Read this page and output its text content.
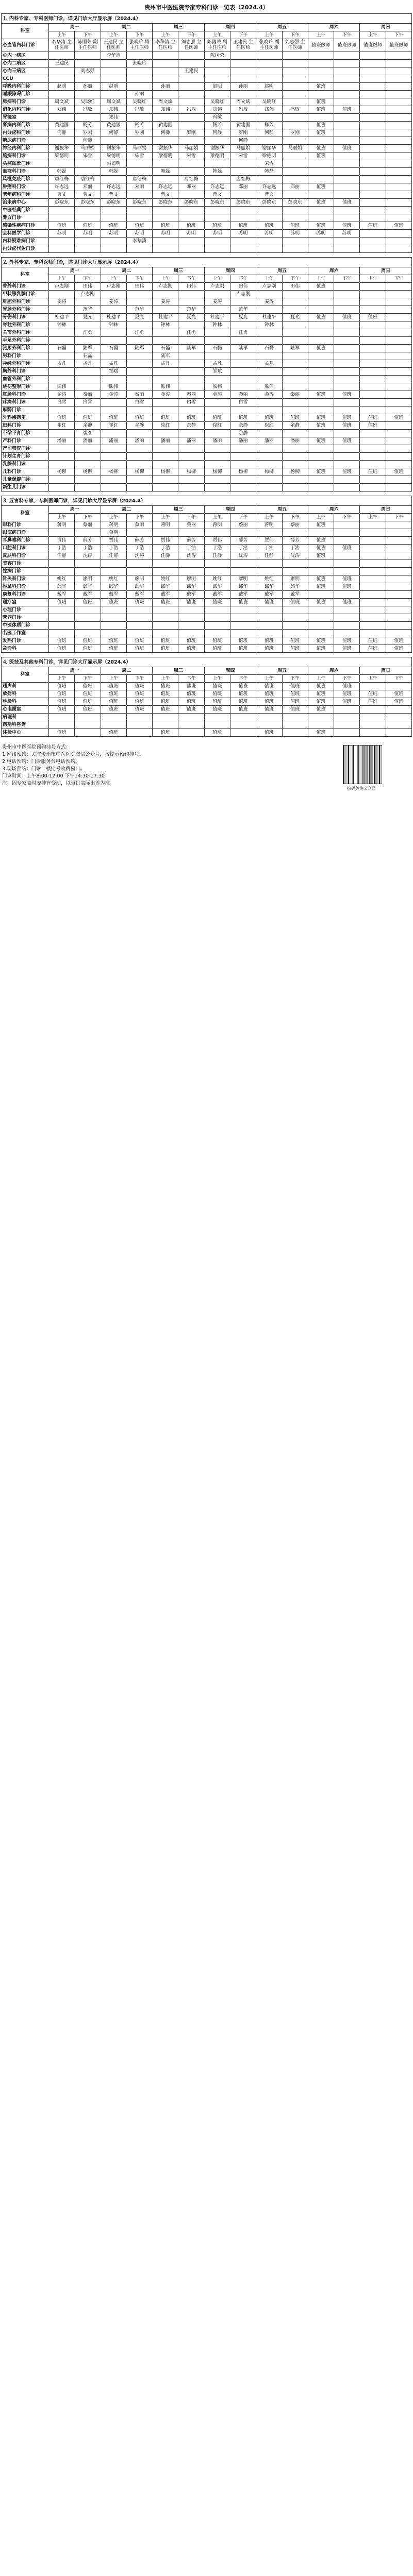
贵州市中医医院专家专科门诊一览表（2024.4）
⒈ 内科专家、专科医师门诊，详见门诊大厅显示屏（2024.4）														
科室	周一		周二		周三		周四		周五		周六		周日	
	上午	下午	上午	下午	上午	下午	上午	下午	上午	下午	上午	下午	上午	下午
心血管内科门诊	李华清 主任医师	陈国荣 副主任医师	王建民 主任医师	张晓玲 副主任医师	李华清 主任医师	刘志强 主任医师	陈国荣 副主任医师	王建民 主任医师	张晓玲 副主任医师	刘志强 主任医师	值班医师	值班医师	值班医师	值班医师
心内一病区			李华清				陈国荣							
心内二病区	王建民			张晓玲										
心内三病区		刘志强				王建民								
CCU														
呼吸内科门诊	赵明	孙丽	赵明		孙丽		赵明	孙丽	赵明		值班			
睡眠障碍门诊				孙丽										
肺病科门诊	周文斌	吴晓红	周文斌	吴晓红	周文斌		吴晓红	周文斌	吴晓红		值班			
消化内科门诊	郑伟	冯敏	郑伟	冯敏	郑伟	冯敏	郑伟	冯敏	郑伟	冯敏	值班	值班		
胃镜室			郑伟				冯敏							
肾病内科门诊	黄建国	杨芳	黄建国	杨芳	黄建国		杨芳	黄建国	杨芳		值班			
内分泌科门诊	何静	罗刚	何静	罗刚	何静	罗刚	何静	罗刚	何静	罗刚	值班			
糖尿病门诊		何静						何静						
神经内科门诊	谢振华	马丽娟	谢振华	马丽娟	谢振华	马丽娟	谢振华	马丽娟	谢振华	马丽娟	值班	值班		
脑病科门诊	梁德明	宋雪	梁德明	宋雪	梁德明	宋雪	梁德明	宋雪	梁德明		值班			
头痛眩晕门诊			梁德明						宋雪					
血液科门诊	韩磊		韩磊		韩磊		韩磊		韩磊					
风湿免疫门诊	唐红梅	唐红梅		唐红梅		唐红梅		唐红梅						
肿瘤科门诊	许志远	邓丽	许志远	邓丽	许志远	邓丽	许志远	邓丽	许志远	邓丽	值班			
老年病科门诊	曹文	曹文	曹文		曹文		曹文		曹文					
治未病中心	彭晓东	彭晓东	彭晓东	彭晓东	彭晓东	彭晓东	彭晓东	彭晓东	彭晓东	彭晓东	值班	值班		
中医经典门诊														
膏方门诊														
感染性疾病门诊	值班	值班	值班	值班	值班	值班	值班	值班	值班	值班	值班	值班	值班	值班
全科医学门诊	苏明	苏明	苏明	苏明	苏明	苏明	苏明	苏明	苏明	苏明	苏明	苏明		
内科疑难病门诊				李华清										
内分泌代谢门诊														
⒉ 外科专家、专科医师门诊，详见门诊大厅显示屏（2024.4）														
科室	周一		周二		周三		周四		周五		周六		周日	
	上午	下午	上午	下午	上午	下午	上午	下午	上午	下午	上午	下午	上午	下午
普外科门诊	卢志刚	田伟	卢志刚	田伟	卢志刚	田伟	卢志刚	田伟	卢志刚	田伟	值班			
甲状腺乳腺门诊		卢志刚						卢志刚						
肝胆外科门诊	姜涛		姜涛		姜涛		姜涛		姜涛					
胃肠外科门诊		范华		范华		范华		范华						
骨伤科门诊	杜建平	夏光	杜建平	夏光	杜建平	夏光	杜建平	夏光	杜建平	夏光	值班	值班	值班	
脊柱外科门诊	钟林		钟林		钟林		钟林		钟林					
关节外科门诊		汪勇		汪勇		汪勇		汪勇						
手足外科门诊														
泌尿外科门诊	石磊	陆军	石磊	陆军	石磊	陆军	石磊	陆军	石磊	陆军	值班			
男科门诊		石磊			陆军									
神经外科门诊	孟凡	孟凡	孟凡		孟凡		孟凡		孟凡					
胸外科门诊			邹斌				邹斌							
血管外科门诊														
烧伤整形门诊	熊伟		熊伟		熊伟		熊伟		熊伟					
肛肠科门诊	金涛	秦丽	金涛	秦丽	金涛	秦丽	金涛	秦丽	金涛	秦丽	值班	值班		
疼痛科门诊	白雪	白雪		白雪		白雪		白雪						
麻醉门诊														
外科换药室	值班	值班	值班	值班	值班	值班	值班	值班	值班	值班	值班	值班	值班	值班
妇科门诊	崔红	余静	崔红	余静	崔红	余静	崔红	余静	崔红	余静	值班	值班	值班	
不孕不育门诊		崔红						余静						
产科门诊	潘丽	潘丽	潘丽	潘丽	潘丽	潘丽	潘丽	潘丽	潘丽	潘丽	值班	值班		
产前筛查门诊														
计划生育门诊														
乳腺科门诊														
儿科门诊	杨柳	杨柳	杨柳	杨柳	杨柳	杨柳	杨柳	杨柳	杨柳	杨柳	值班	值班	值班	值班
儿童保健门诊														
新生儿门诊														
⒊ 五官科专家、专科医师门诊，详见门诊大厅显示屏（2024.4）														
科室	周一		周二		周三		周四		周五		周六		周日	
	上午	下午	上午	下午	上午	下午	上午	下午	上午	下午	上午	下午	上午	下午
眼科门诊	蒋明	蔡丽	蒋明	蔡丽	蒋明	蔡丽	蒋明	蔡丽	蒋明	蔡丽	值班			
眼底病门诊			蒋明											
耳鼻喉科门诊	贾伟	薛芳	贾伟	薛芳	贾伟	薛芳	贾伟	薛芳	贾伟	薛芳	值班			
口腔科门诊	丁浩	丁浩	丁浩	丁浩	丁浩	丁浩	丁浩	丁浩	丁浩	丁浩	值班	值班		
皮肤科门诊	任静	沈涛	任静	沈涛	任静	沈涛	任静	沈涛	任静	沈涛	值班			
美容门诊														
性病门诊														
针灸科门诊	姚红	廖明	姚红	廖明	姚红	廖明	姚红	廖明	姚红	廖明	值班	值班		
推拿科门诊	邱华	邱华	邱华	邱华	邱华	邱华	邱华	邱华	邱华	邱华	值班	值班		
康复科门诊	戴军	戴军	戴军	戴军	戴军	戴军	戴军	戴军	戴军	戴军				
理疗室	值班	值班	值班	值班	值班	值班	值班	值班	值班	值班	值班	值班		
心理门诊														
营养门诊														
中医体质门诊														
名医工作室														
发热门诊	值班	值班	值班	值班	值班	值班	值班	值班	值班	值班	值班	值班	值班	值班
急诊科	值班	值班	值班	值班	值班	值班	值班	值班	值班	值班	值班	值班	值班	值班
⒋ 医技及其他专科门诊，详见门诊大厅显示屏（2024.4）														
科室	周一		周二		周三		周四		周五		周六		周日	
	上午	下午	上午	下午	上午	下午	上午	下午	上午	下午	上午	下午	上午	下午
超声科	值班	值班	值班	值班	值班	值班	值班	值班	值班	值班	值班	值班		
放射科	值班	值班	值班	值班	值班	值班	值班	值班	值班	值班	值班	值班	值班	值班
检验科	值班	值班	值班	值班	值班	值班	值班	值班	值班	值班	值班	值班	值班	值班
心电图室	值班	值班	值班	值班	值班	值班	值班	值班	值班	值班	值班			
病理科														
药剂科咨询														
体检中心	值班		值班		值班		值班		值班		值班			
贵州市中医医院预约挂号方式：
1.网络预约：关注贵州市中医医院微信公众号，按提示预约挂号。
2.电话预约：门诊服务台电话预约。
3.现场预约：门诊一楼挂号收费窗口。
门诊时间：上午8:00-12:00 下午14:30-17:30
注：因专家临时安排有变动，以当日实际出诊为准。
扫码关注公众号
